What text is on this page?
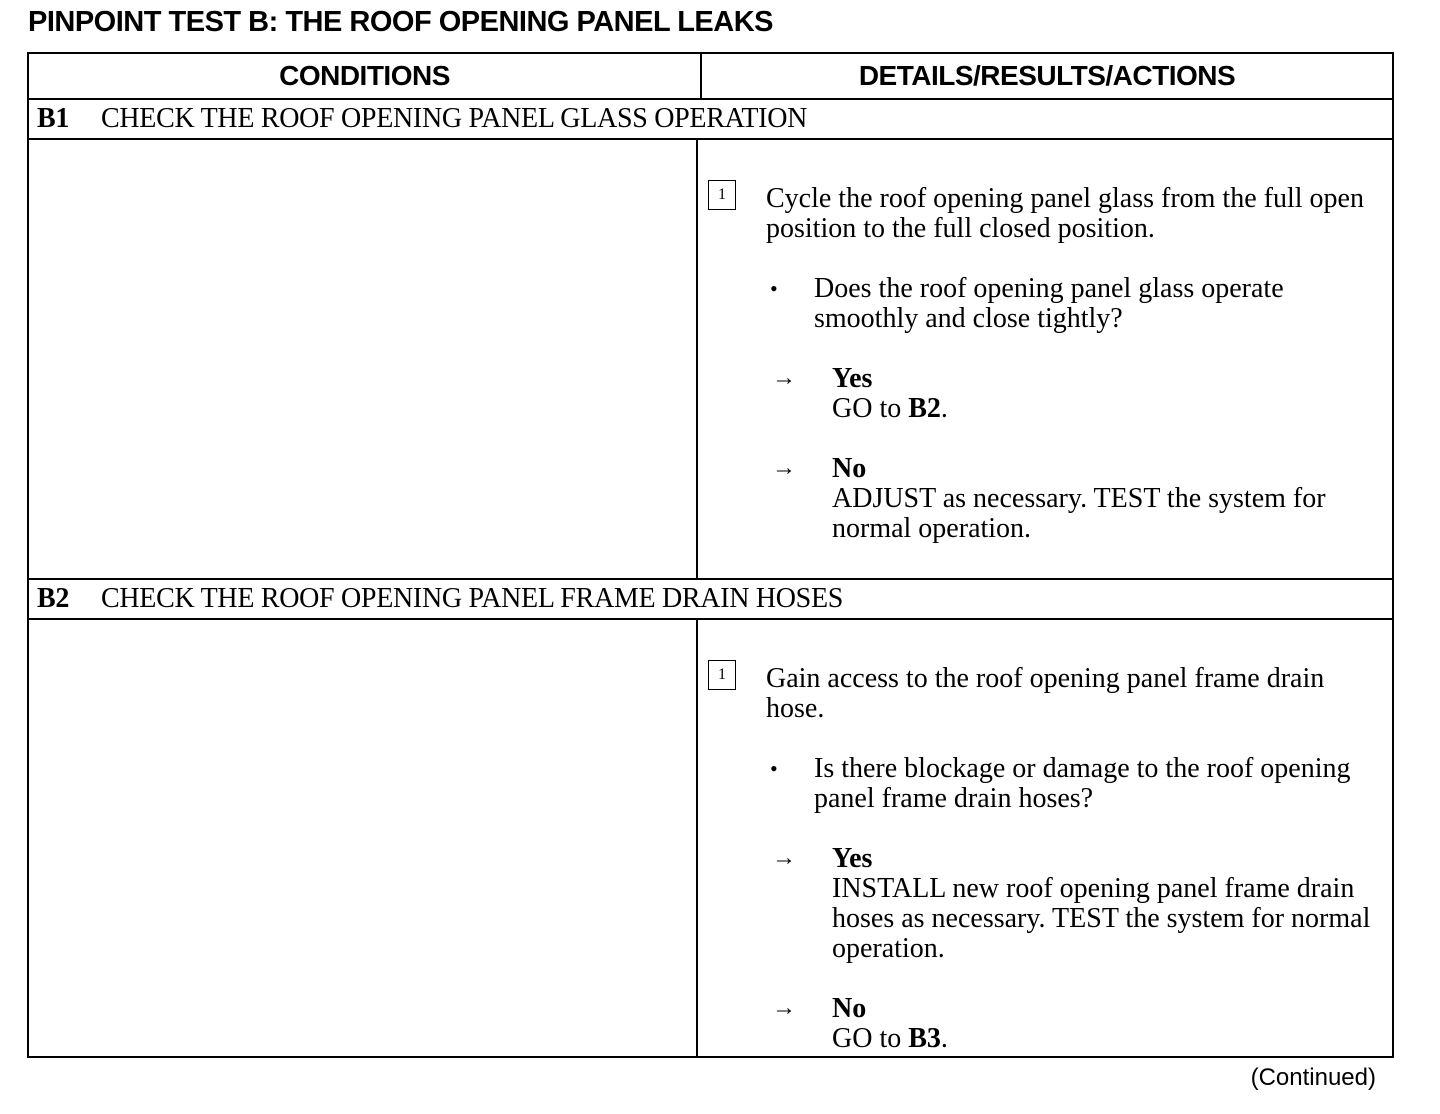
PINPOINT TEST B: THE ROOF OPENING PANEL LEAKS
CONDITIONS	DETAILS/RESULTS/ACTIONS
B1	CHECK THE ROOF OPENING PANEL GLASS OPERATION
1	Cycle the roof opening panel glass from the full open position to the full closed position.
• Does the roof opening panel glass operate smoothly and close tightly?
→ Yes
GO to B2.
→ No
ADJUST as necessary. TEST the system for normal operation.
B2	CHECK THE ROOF OPENING PANEL FRAME DRAIN HOSES
1	Gain access to the roof opening panel frame drain hose.
• Is there blockage or damage to the roof opening panel frame drain hoses?
→ Yes
INSTALL new roof opening panel frame drain hoses as necessary. TEST the system for normal operation.
→ No
GO to B3.
(Continued)
